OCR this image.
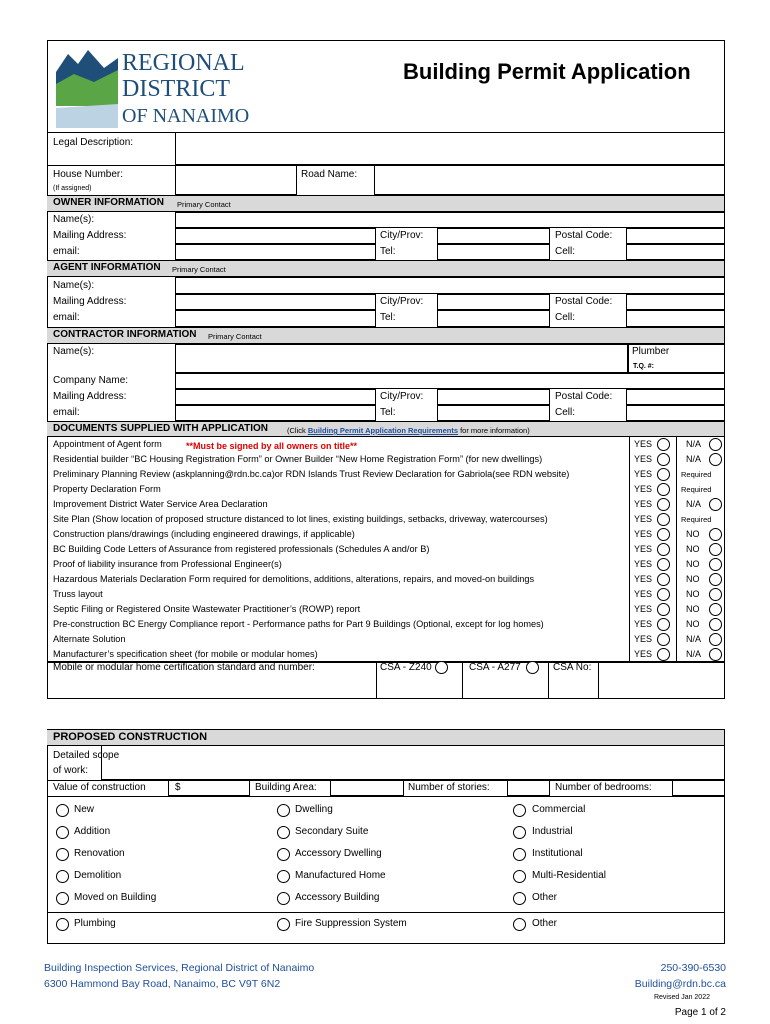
REGIONAL
DISTRICT
OF NANAIMO
Building Permit Application
Legal Description:
House Number:
(If assigned)
Road Name:
OWNER INFORMATION Primary Contact
Name(s):
Mailing Address:	City/Prov:	Postal Code:
email:	Tel:	Cell:
AGENT INFORMATION Primary Contact
Name(s):
Mailing Address:	City/Prov:	Postal Code:
email:	Tel:	Cell:
CONTRACTOR INFORMATION Primary Contact
Name(s):	Plumber
T.Q. #:
Company Name:
Mailing Address:	City/Prov:	Postal Code:
email:	Tel:	Cell:
DOCUMENTS SUPPLIED WITH APPLICATION	(Click Building Permit Application Requirements for more information)
Appointment of Agent form	YES	N/A
Residential builder “BC Housing Registration Form” or Owner Builder “New Home Registration Form” (for new dwellings)	YES	N/A
Preliminary Planning Review (askplanning@rdn.bc.ca)or RDN Islands Trust Review Declaration for Gabriola(see RDN website)	YES	Required
Property Declaration Form	YES	Required
Improvement District Water Service Area Declaration	YES	N/A
Site Plan (Show location of proposed structure distanced to lot lines, existing buildings, setbacks, driveway, watercourses)	YES	Required
Construction plans/drawings (including engineered drawings, if applicable)	YES	NO
BC Building Code Letters of Assurance from registered professionals (Schedules A and/or B)	YES	NO
Proof of liability insurance from Professional Engineer(s)	YES	NO
Hazardous Materials Declaration Form required for demolitions, additions, alterations, repairs, and moved-on buildings	YES	NO
Truss layout	YES	NO
Septic Filing or Registered Onsite Wastewater Practitioner’s (ROWP) report	YES	NO
Pre-construction BC Energy Compliance report - Performance paths for Part 9 Buildings (Optional, except for log homes)	YES	NO
Alternate Solution	YES	N/A
Manufacturer’s specification sheet (for mobile or modular homes)	YES	N/A
**Must be signed by all owners on title**
Mobile or modular home certification standard and number:	CSA - Z240	CSA - A277	CSA No:
PROPOSED CONSTRUCTION
Detailed scope
of work:
Value of construction	$	Building Area:	Number of stories:	Number of bedrooms:
New
Addition
Renovation
Demolition
Moved on Building
Plumbing
Dwelling
Secondary Suite
Accessory Dwelling
Manufactured Home
Accessory Building
Fire Suppression System
Commercial
Industrial
Institutional
Multi-Residential
Other
Other
Building Inspection Services, Regional District of Nanaimo
6300 Hammond Bay Road, Nanaimo, BC V9T 6N2
250-390-6530
Building@rdn.bc.ca
Revised Jan 2022
Page 1 of 2
